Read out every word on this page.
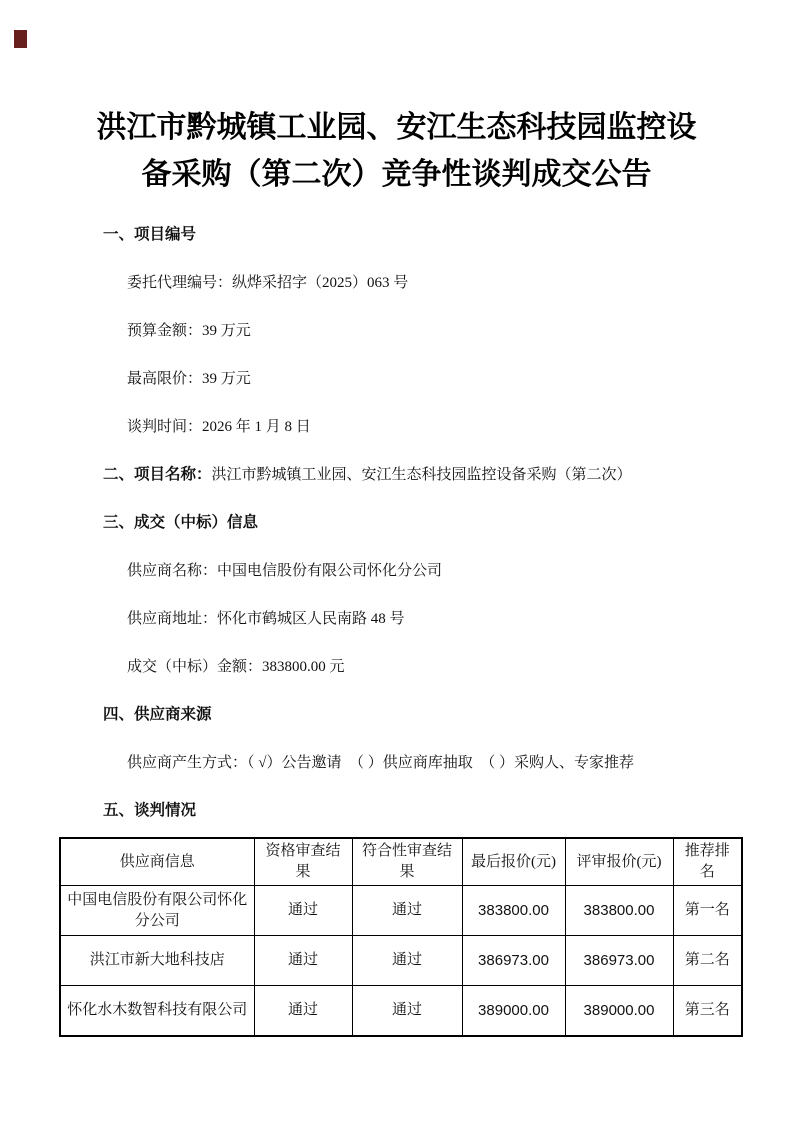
洪江市黔城镇工业园、安江生态科技园监控设
备采购（第二次）竞争性谈判成交公告

一、项目编号

委托代理编号：纵烨采招字（2025）063 号

预算金额：39 万元

最高限价：39 万元

谈判时间：2026 年 1 月 8 日

二、项目名称：洪江市黔城镇工业园、安江生态科技园监控设备采购（第二次）

三、成交（中标）信息

供应商名称：中国电信股份有限公司怀化分公司

供应商地址：怀化市鹤城区人民南路 48 号

成交（中标）金额：383800.00 元

四、供应商来源

供应商产生方式：（ √）公告邀请  （ ）供应商库抽取  （ ）采购人、专家推荐

五、谈判情况

供应商信息	资格审查结果	符合性审查结果	最后报价(元)	评审报价(元)	推荐排名
中国电信股份有限公司怀化分公司	通过	通过	383800.00	383800.00	第一名
洪江市新大地科技店	通过	通过	386973.00	386973.00	第二名
怀化水木数智科技有限公司	通过	通过	389000.00	389000.00	第三名
